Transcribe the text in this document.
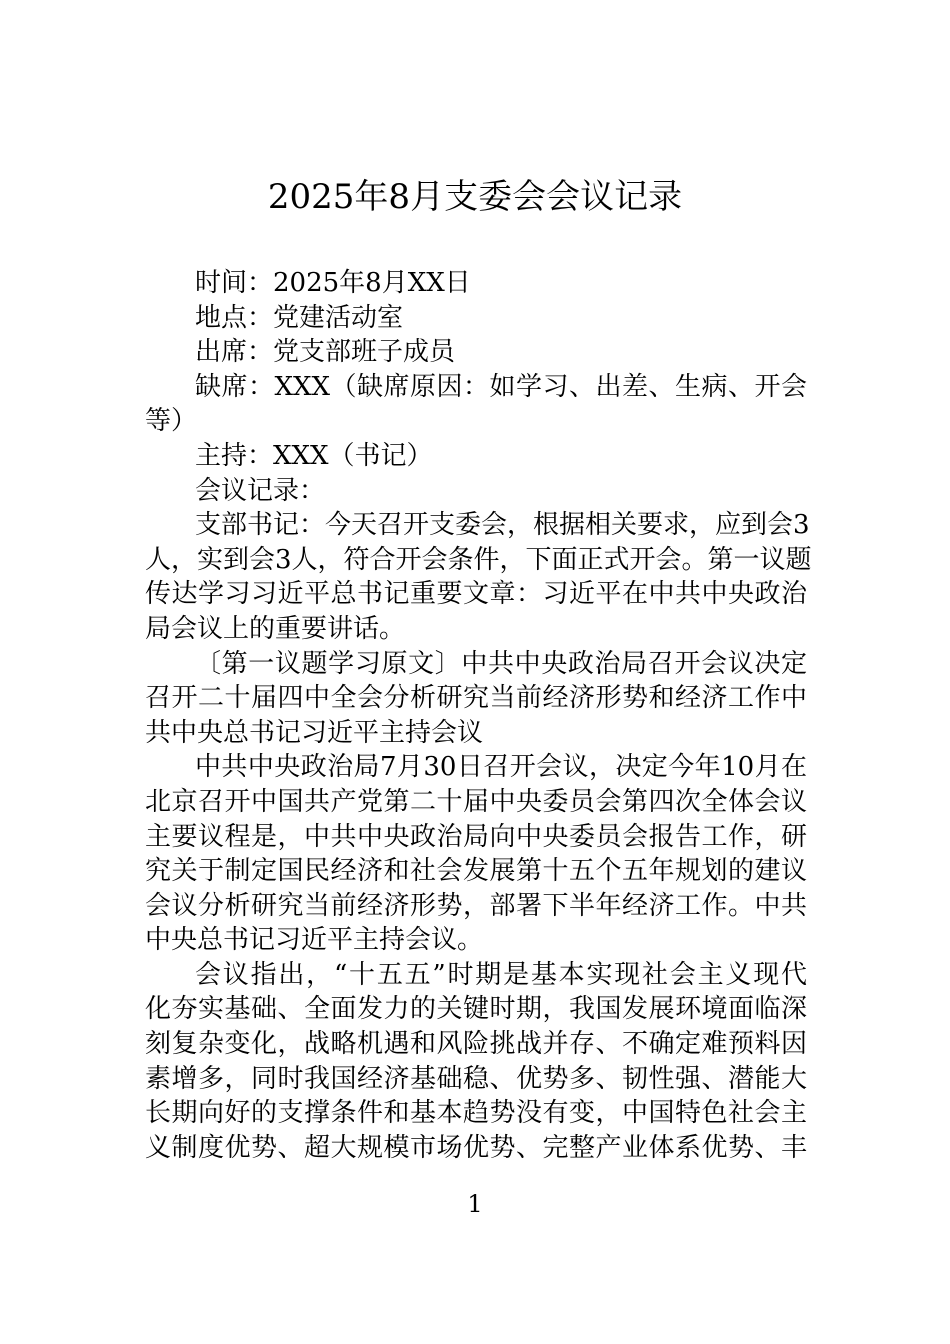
2025年8月支委会会议记录
时间：2025年8月XX日
地点：党建活动室
出席：党支部班子成员
缺席：XXX（缺席原因：如学习、出差、生病、开会
等）
主持：XXX（书记）
会议记录：
支部书记：今天召开支委会，根据相关要求，应到会3
人，实到会3人，符合开会条件，下面正式开会。第一议题
传达学习习近平总书记重要文章：习近平在中共中央政治
局会议上的重要讲话。
〔第一议题学习原文〕中共中央政治局召开会议决定
召开二十届四中全会分析研究当前经济形势和经济工作中
共中央总书记习近平主持会议
中共中央政治局7月30日召开会议，决定今年10月在
北京召开中国共产党第二十届中央委员会第四次全体会议
主要议程是，中共中央政治局向中央委员会报告工作，研
究关于制定国民经济和社会发展第十五个五年规划的建议
会议分析研究当前经济形势，部署下半年经济工作。中共
中央总书记习近平主持会议。
会议指出，“十五五”时期是基本实现社会主义现代
化夯实基础、全面发力的关键时期，我国发展环境面临深
刻复杂变化，战略机遇和风险挑战并存、不确定难预料因
素增多，同时我国经济基础稳、优势多、韧性强、潜能大
长期向好的支撑条件和基本趋势没有变，中国特色社会主
义制度优势、超大规模市场优势、完整产业体系优势、丰
1
